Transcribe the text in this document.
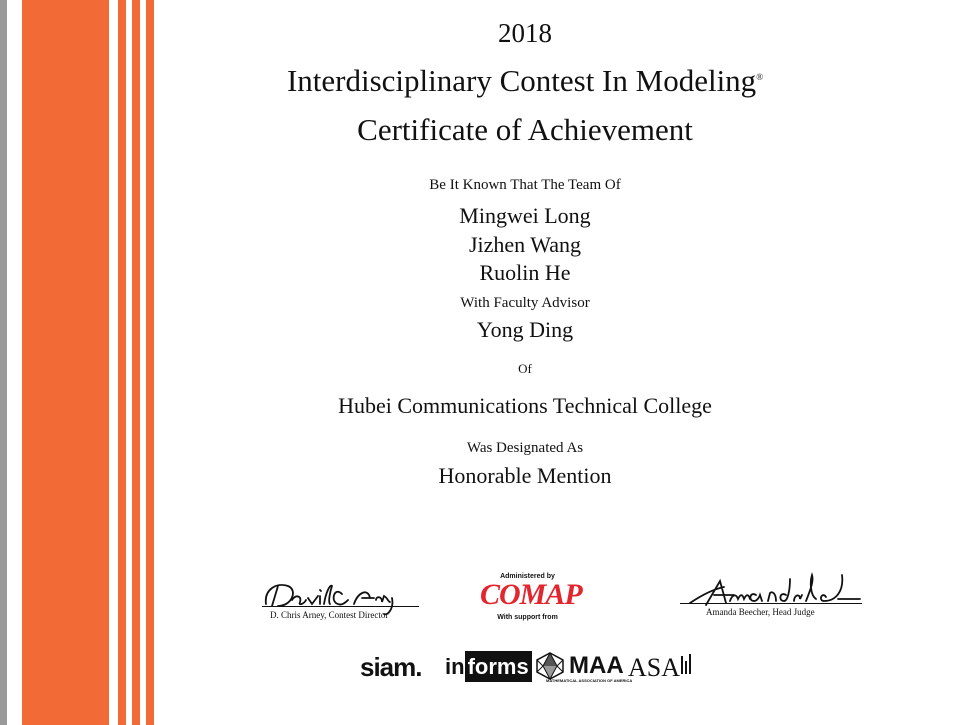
2018
Interdisciplinary Contest In Modeling®
Certificate of Achievement
Be It Known That The Team Of
Mingwei Long
Jizhen Wang
Ruolin He
With Faculty Advisor
Yong Ding
Of
Hubei Communications Technical College
Was Designated As
Honorable Mention
D. Chris Arney, Contest Director	Amanda Beecher, Head Judge
Administered by
COMAP
With support from
siam. in forms MAA
MATHEMATICAL ASSOCIATION OF AMERICA
ASA
